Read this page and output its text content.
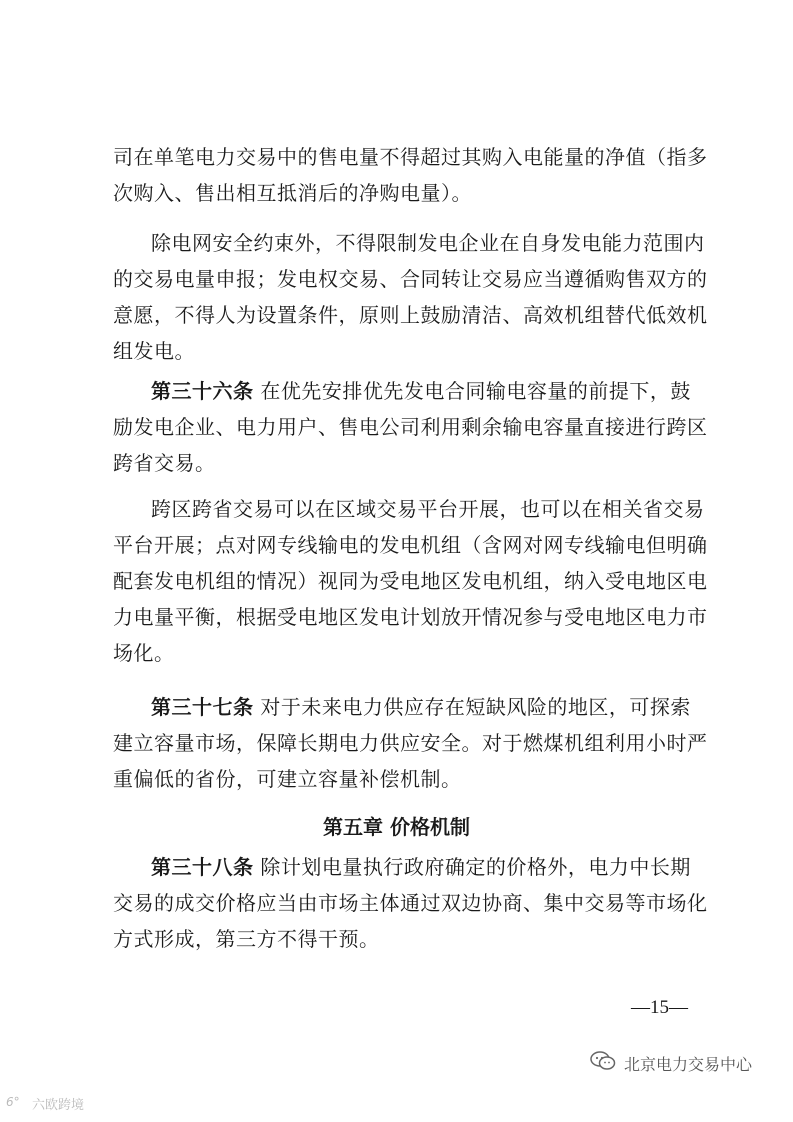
司在单笔电力交易中的售电量不得超过其购入电能量的净值（指多
次购入、售出相互抵消后的净购电量）。
除电网安全约束外，不得限制发电企业在自身发电能力范围内
的交易电量申报；发电权交易、合同转让交易应当遵循购售双方的
意愿，不得人为设置条件，原则上鼓励清洁、高效机组替代低效机
组发电。
第三十六条 在优先安排优先发电合同输电容量的前提下，鼓
励发电企业、电力用户、售电公司利用剩余输电容量直接进行跨区
跨省交易。
跨区跨省交易可以在区域交易平台开展，也可以在相关省交易
平台开展；点对网专线输电的发电机组（含网对网专线输电但明确
配套发电机组的情况）视同为受电地区发电机组，纳入受电地区电
力电量平衡，根据受电地区发电计划放开情况参与受电地区电力市
场化。
第三十七条 对于未来电力供应存在短缺风险的地区，可探索
建立容量市场，保障长期电力供应安全。对于燃煤机组利用小时严
重偏低的省份，可建立容量补偿机制。
第五章 价格机制
第三十八条 除计划电量执行政府确定的价格外，电力中长期
交易的成交价格应当由市场主体通过双边协商、集中交易等市场化
方式形成，第三方不得干预。
—15—
北京电力交易中心
6° 六欧跨境
